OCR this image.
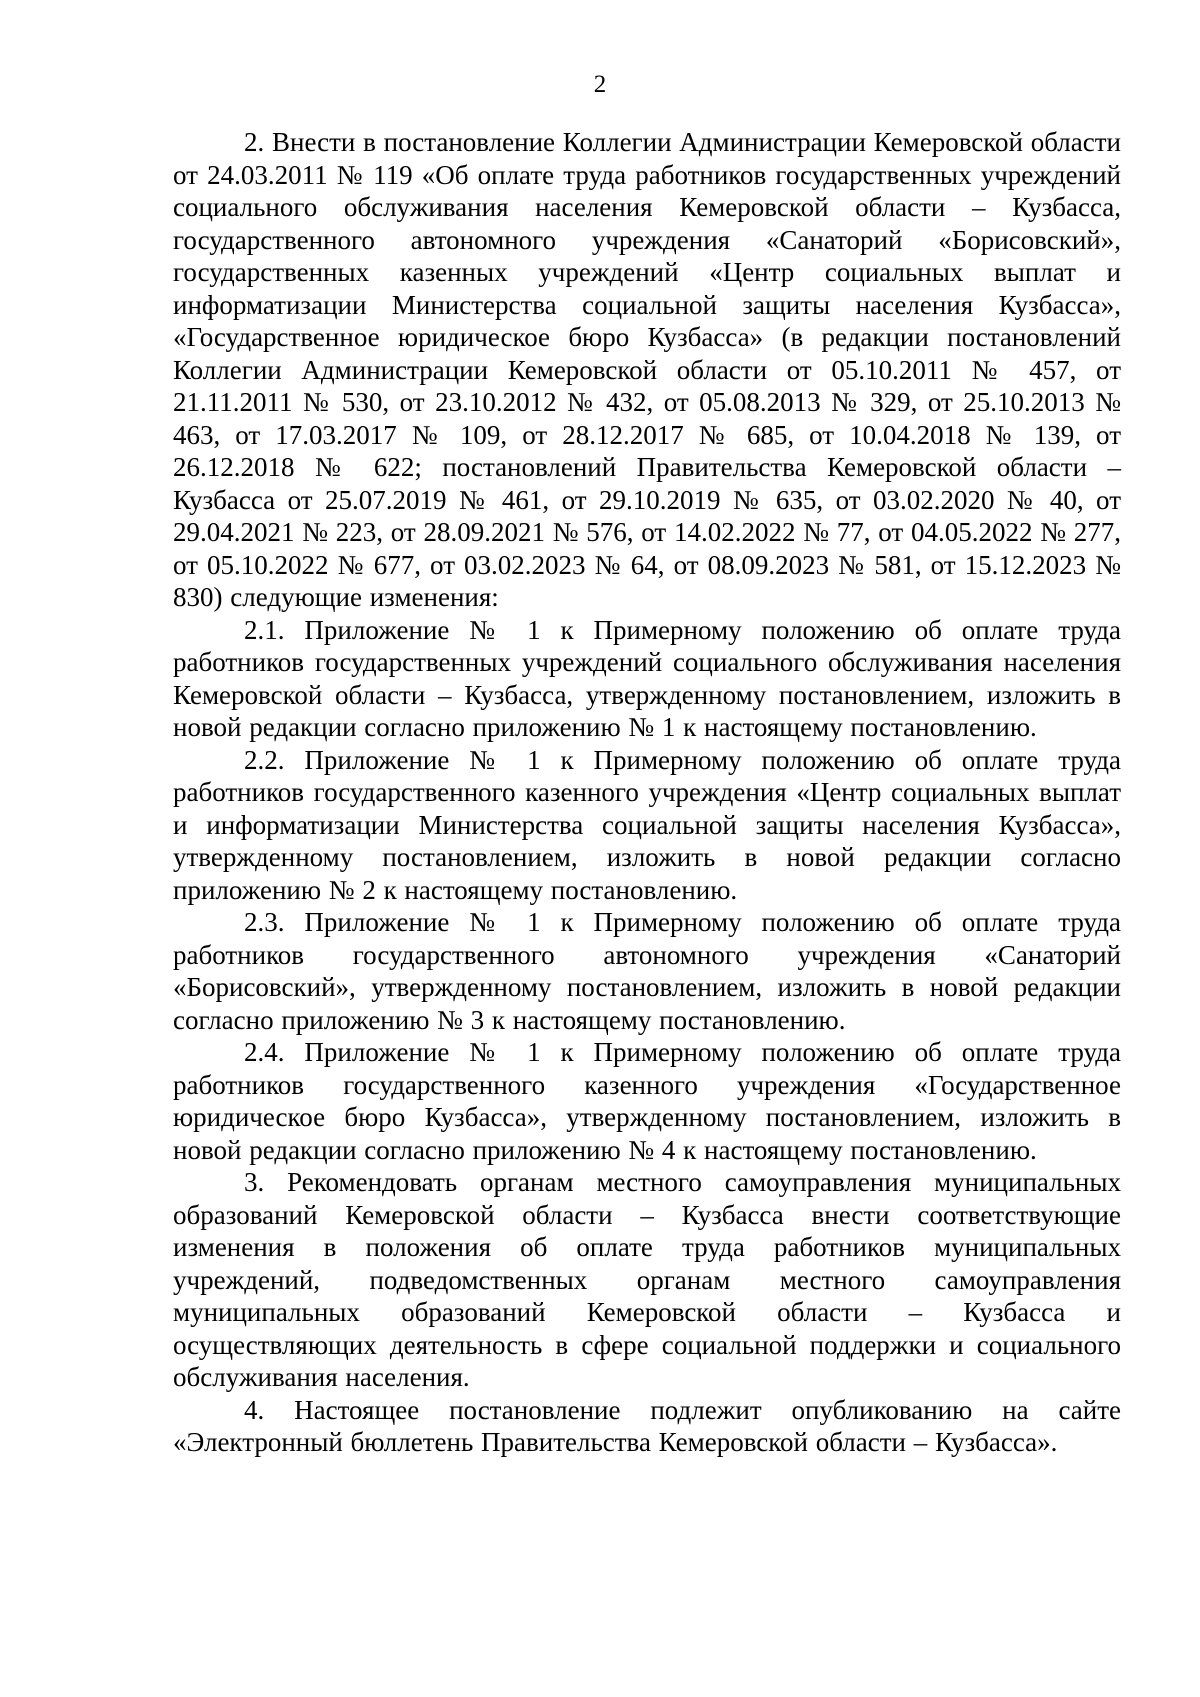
2

2. Внести в постановление Коллегии Администрации Кемеровской области от 24.03.2011 № 119 «Об оплате труда работников государственных учреждений социального обслуживания населения Кемеровской области – Кузбасса, государственного автономного учреждения «Санаторий «Борисовский», государственных казенных учреждений «Центр социальных выплат и информатизации Министерства социальной защиты населения Кузбасса», «Государственное юридическое бюро Кузбасса» (в редакции постановлений Коллегии Администрации Кемеровской области от 05.10.2011 № 457, от 21.11.2011 № 530, от 23.10.2012 № 432, от 05.08.2013 № 329, от 25.10.2013 № 463, от 17.03.2017 № 109, от 28.12.2017 № 685, от 10.04.2018 № 139, от 26.12.2018 № 622; постановлений Правительства Кемеровской области – Кузбасса от 25.07.2019 № 461, от 29.10.2019 № 635, от 03.02.2020 № 40, от 29.04.2021 № 223, от 28.09.2021 № 576, от 14.02.2022 № 77, от 04.05.2022 № 277, от 05.10.2022 № 677, от 03.02.2023 № 64, от 08.09.2023 № 581, от 15.12.2023 № 830) следующие изменения:

2.1. Приложение № 1 к Примерному положению об оплате труда работников государственных учреждений социального обслуживания населения Кемеровской области – Кузбасса, утвержденному постановлением, изложить в новой редакции согласно приложению № 1 к настоящему постановлению.

2.2. Приложение № 1 к Примерному положению об оплате труда работников государственного казенного учреждения «Центр социальных выплат и информатизации Министерства социальной защиты населения Кузбасса», утвержденному постановлением, изложить в новой редакции согласно приложению № 2 к настоящему постановлению.

2.3. Приложение № 1 к Примерному положению об оплате труда работников государственного автономного учреждения «Санаторий «Борисовский», утвержденному постановлением, изложить в новой редакции согласно приложению № 3 к настоящему постановлению.

2.4. Приложение № 1 к Примерному положению об оплате труда работников государственного казенного учреждения «Государственное юридическое бюро Кузбасса», утвержденному постановлением, изложить в новой редакции согласно приложению № 4 к настоящему постановлению.

3. Рекомендовать органам местного самоуправления муниципальных образований Кемеровской области – Кузбасса внести соответствующие изменения в положения об оплате труда работников муниципальных учреждений, подведомственных органам местного самоуправления муниципальных образований Кемеровской области – Кузбасса и осуществляющих деятельность в сфере социальной поддержки и социального обслуживания населения.

4. Настоящее постановление подлежит опубликованию на сайте «Электронный бюллетень Правительства Кемеровской области – Кузбасса».
